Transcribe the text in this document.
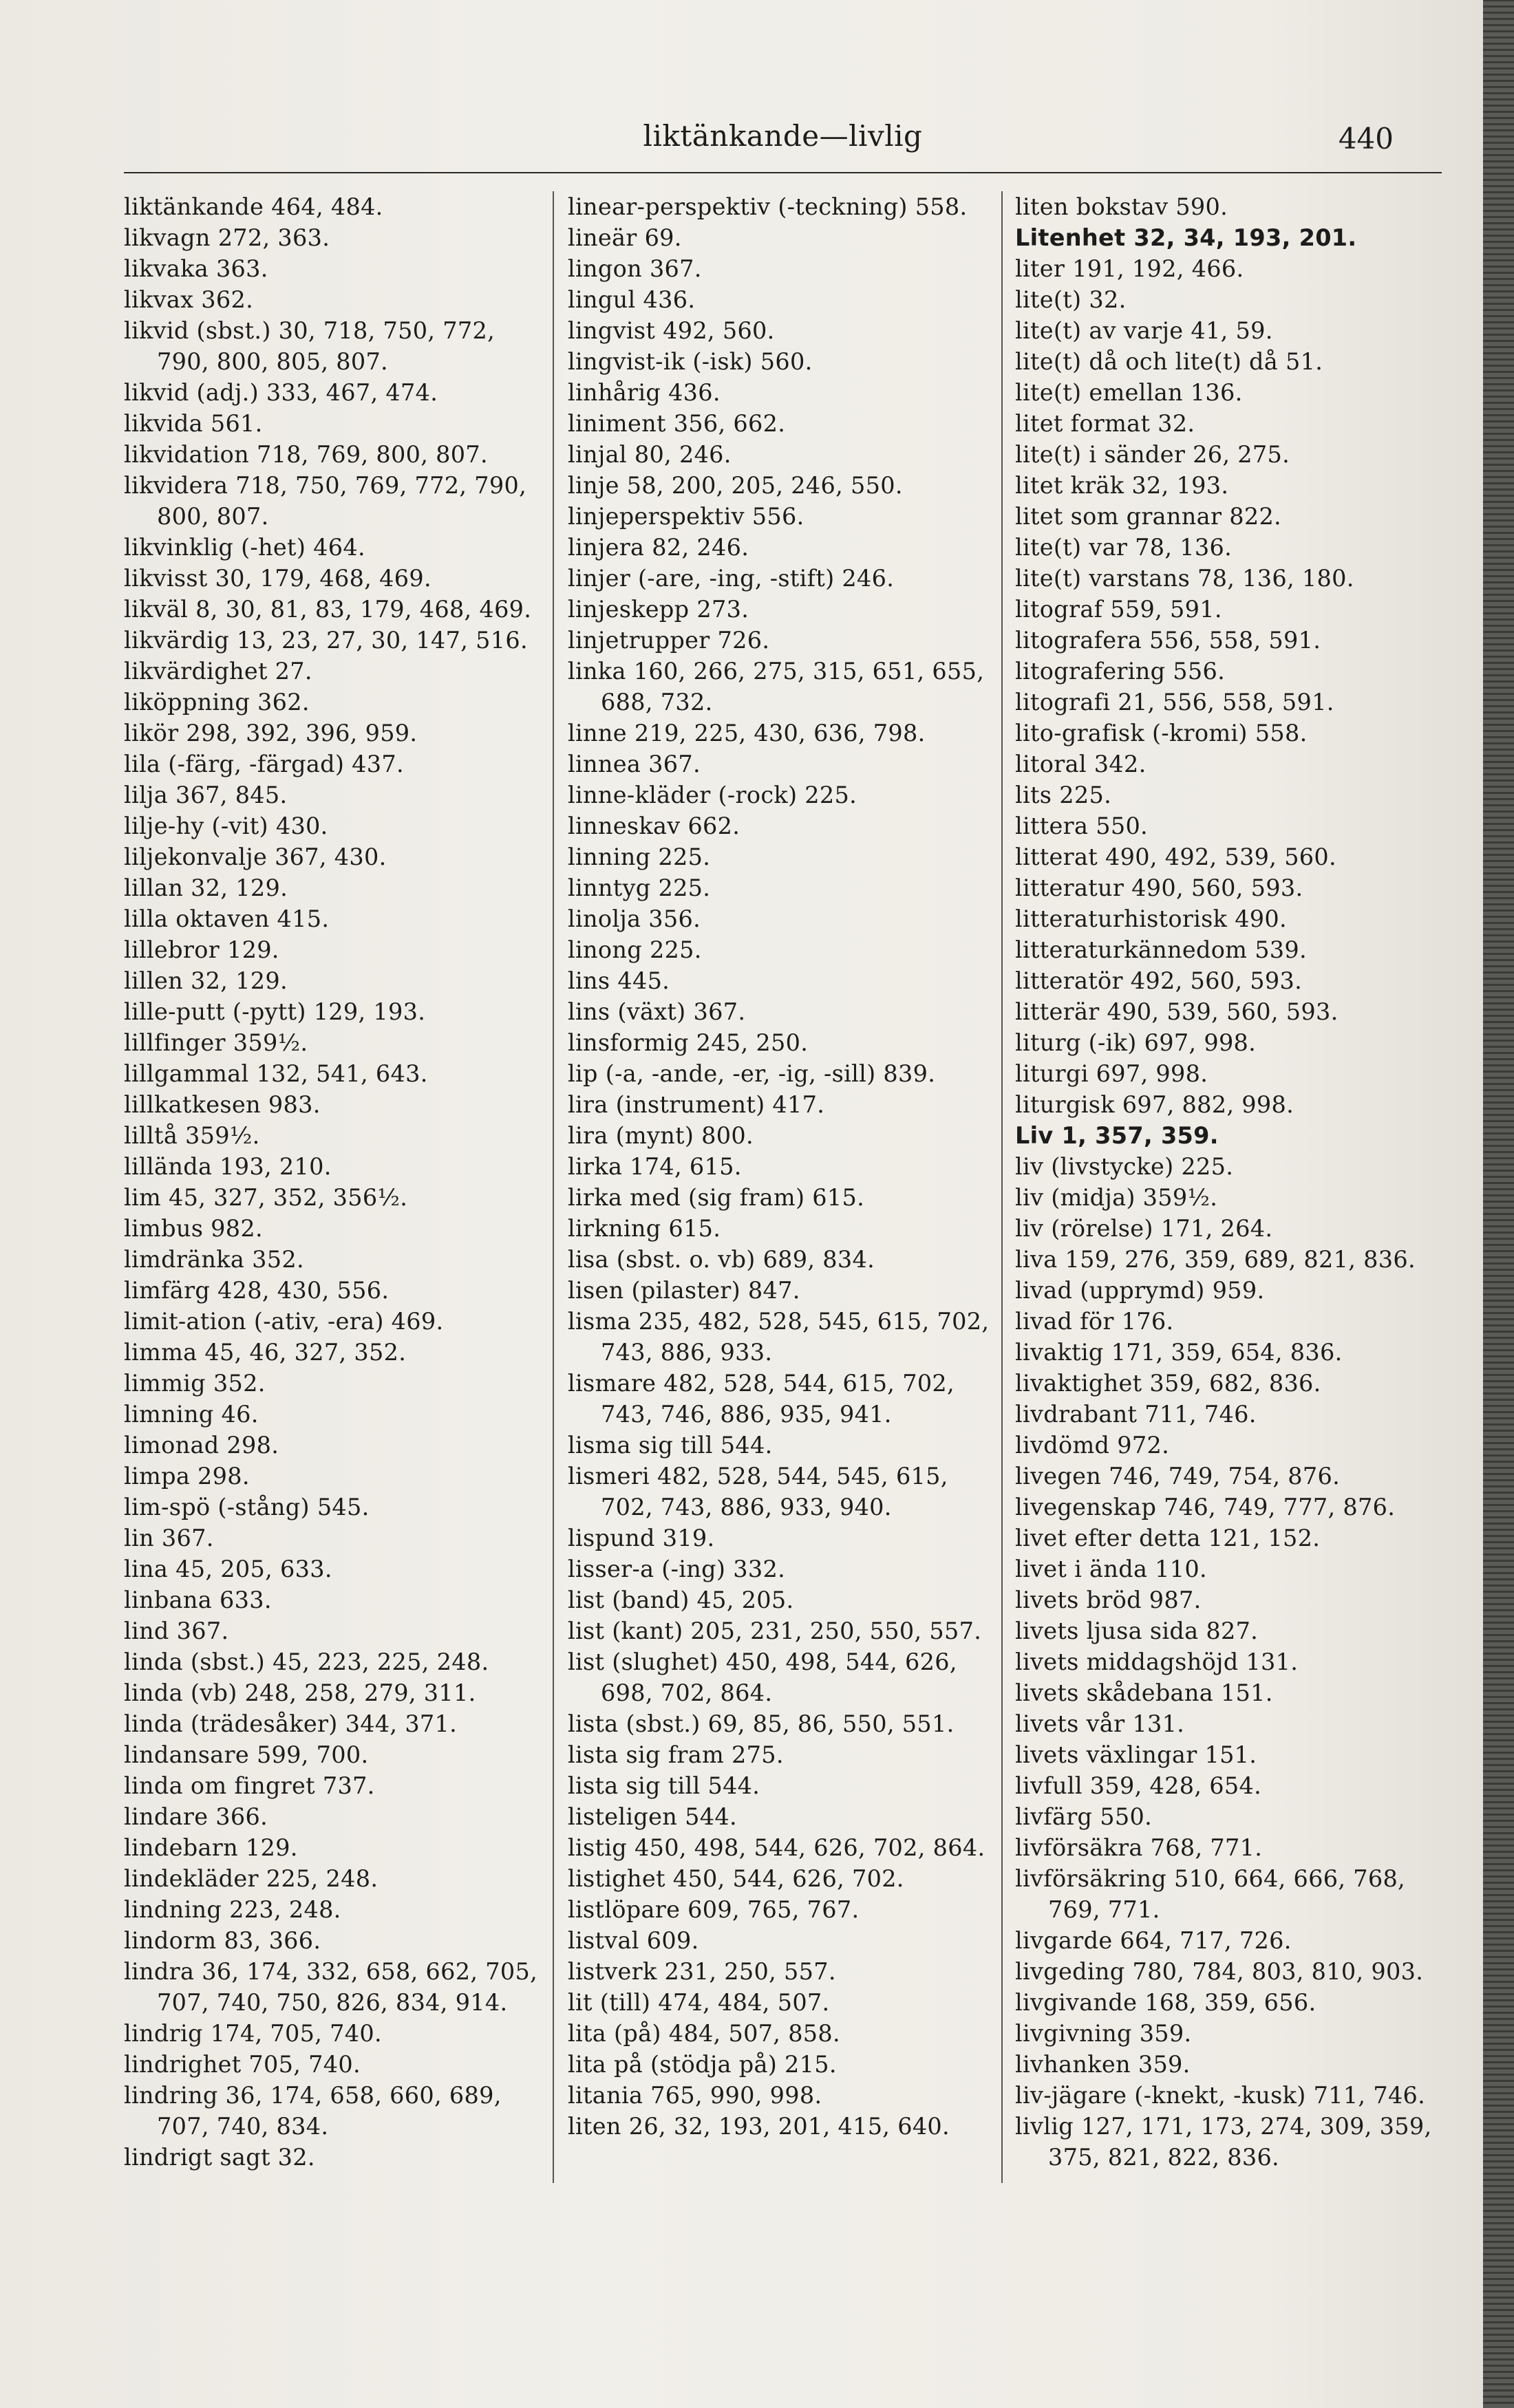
liktänkande—livlig	440

liktänkande 464, 484.

likvagn 272, 363.

likvaka 363.

likvax 362.

likvid (sbst.) 30, 718, 750, 772, 790, 800, 805, 807.

likvid (adj.) 333, 467, 474.

likvida 561.

likvidation 718, 769, 800, 807.

likvidera 718, 750, 769, 772, 790, 800, 807.

likvinklig (-het) 464.

likvisst 30, 179, 468, 469.

likväl 8, 30, 81, 83, 179, 468, 469.

likvärdig 13, 23, 27, 30, 147, 516.

likvärdighet 27.

liköppning 362.

likör 298, 392, 396, 959.

lila (-färg, -färgad) 437.

lilja 367, 845.

lilje-hy (-vit) 430.

liljekonvalje 367, 430.

lillan 32, 129.

lilla oktaven 415.

lillebror 129.

lillen 32, 129.

lille-putt (-pytt) 129, 193.

lillfinger 359½.

lillgammal 132, 541, 643.

lillkatkesen 983.

lilltå 359½.

lilländа 193, 210.

lim 45, 327, 352, 356½.

limbus 982.

limdränka 352.

limfärg 428, 430, 556.

limit-ation (-ativ, -era) 469.

limma 45, 46, 327, 352.

limmig 352.

limning 46.

limonad 298.

limpa 298.

lim-spö (-stång) 545.

lin 367.

lina 45, 205, 633.

linbana 633.

lind 367.

linda (sbst.) 45, 223, 225, 248.

linda (vb) 248, 258, 279, 311.

linda (trädesåker) 344, 371.

lindansare 599, 700.

linda om fingret 737.

lindare 366.

lindebarn 129.

lindekläder 225, 248.

lindning 223, 248.

lindorm 83, 366.

lindra 36, 174, 332, 658, 662, 705, 707, 740, 750, 826, 834, 914.

lindrig 174, 705, 740.

lindrighet 705, 740.

lindring 36, 174, 658, 660, 689, 707, 740, 834.

lindrigt sagt 32.

linear-perspektiv (-teckning) 558.

lineär 69.

lingon 367.

lingul 436.

lingvist 492, 560.

lingvist-ik (-isk) 560.

linhårig 436.

liniment 356, 662.

linjal 80, 246.

linje 58, 200, 205, 246, 550.

linjeperspektiv 556.

linjera 82, 246.

linjer (-are, -ing, -stift) 246.

linjeskepp 273.

linjetrupper 726.

linka 160, 266, 275, 315, 651, 655, 688, 732.

linne 219, 225, 430, 636, 798.

linnea 367.

linne-kläder (-rock) 225.

linneskav 662.

linning 225.

linntyg 225.

linolja 356.

linong 225.

lins 445.

lins (växt) 367.

linsformig 245, 250.

lip (-a, -ande, -er, -ig, -sill) 839.

lira (instrument) 417.

lira (mynt) 800.

lirka 174, 615.

lirka med (sig fram) 615.

lirkning 615.

lisa (sbst. o. vb) 689, 834.

lisen (pilaster) 847.

lisma 235, 482, 528, 545, 615, 702, 743, 886, 933.

lismare 482, 528, 544, 615, 702, 743, 746, 886, 935, 941.

lisma sig till 544.

lismeri 482, 528, 544, 545, 615, 702, 743, 886, 933, 940.

lispund 319.

lisser-a (-ing) 332.

list (band) 45, 205.

list (kant) 205, 231, 250, 550, 557.

list (slughet) 450, 498, 544, 626, 698, 702, 864.

lista (sbst.) 69, 85, 86, 550, 551.

lista sig fram 275.

lista sig till 544.

listeligen 544.

listig 450, 498, 544, 626, 702, 864.

listighet 450, 544, 626, 702.

listlöpare 609, 765, 767.

listval 609.

listverk 231, 250, 557.

lit (till) 474, 484, 507.

lita (på) 484, 507, 858.

lita på (stödja på) 215.

litania 765, 990, 998.

liten 26, 32, 193, 201, 415, 640.

liten bokstav 590.

Litenhet 32, 34, 193, 201.

liter 191, 192, 466.

lite(t) 32.

lite(t) av varje 41, 59.

lite(t) då och lite(t) då 51.

lite(t) emellan 136.

litet format 32.

lite(t) i sänder 26, 275.

litet kräk 32, 193.

litet som grannar 822.

lite(t) var 78, 136.

lite(t) varstans 78, 136, 180.

litograf 559, 591.

litografera 556, 558, 591.

litografering 556.

litografi 21, 556, 558, 591.

lito-grafisk (-kromi) 558.

litoral 342.

lits 225.

littera 550.

litterat 490, 492, 539, 560.

litteratur 490, 560, 593.

litteraturhistorisk 490.

litteraturkännedom 539.

litteratör 492, 560, 593.

litterär 490, 539, 560, 593.

liturg (-ik) 697, 998.

liturgi 697, 998.

liturgisk 697, 882, 998.

Liv 1, 357, 359.

liv (livstycke) 225.

liv (midja) 359½.

liv (rörelse) 171, 264.

liva 159, 276, 359, 689, 821, 836.

livad (upprymd) 959.

livad för 176.

livaktig 171, 359, 654, 836.

livaktighet 359, 682, 836.

livdrabant 711, 746.

livdömd 972.

livegen 746, 749, 754, 876.

livegenskap 746, 749, 777, 876.

livet efter detta 121, 152.

livet i ända 110.

livets bröd 987.

livets ljusa sida 827.

livets middagshöjd 131.

livets skådebana 151.

livets vår 131.

livets växlingar 151.

livfull 359, 428, 654.

livfärg 550.

livförsäkra 768, 771.

livförsäkring 510, 664, 666, 768, 769, 771.

livgarde 664, 717, 726.

livgeding 780, 784, 803, 810, 903.

livgivande 168, 359, 656.

livgivning 359.

livhanken 359.

liv-jägare (-knekt, -kusk) 711, 746.

livlig 127, 171, 173, 274, 309, 359, 375, 821, 822, 836.
